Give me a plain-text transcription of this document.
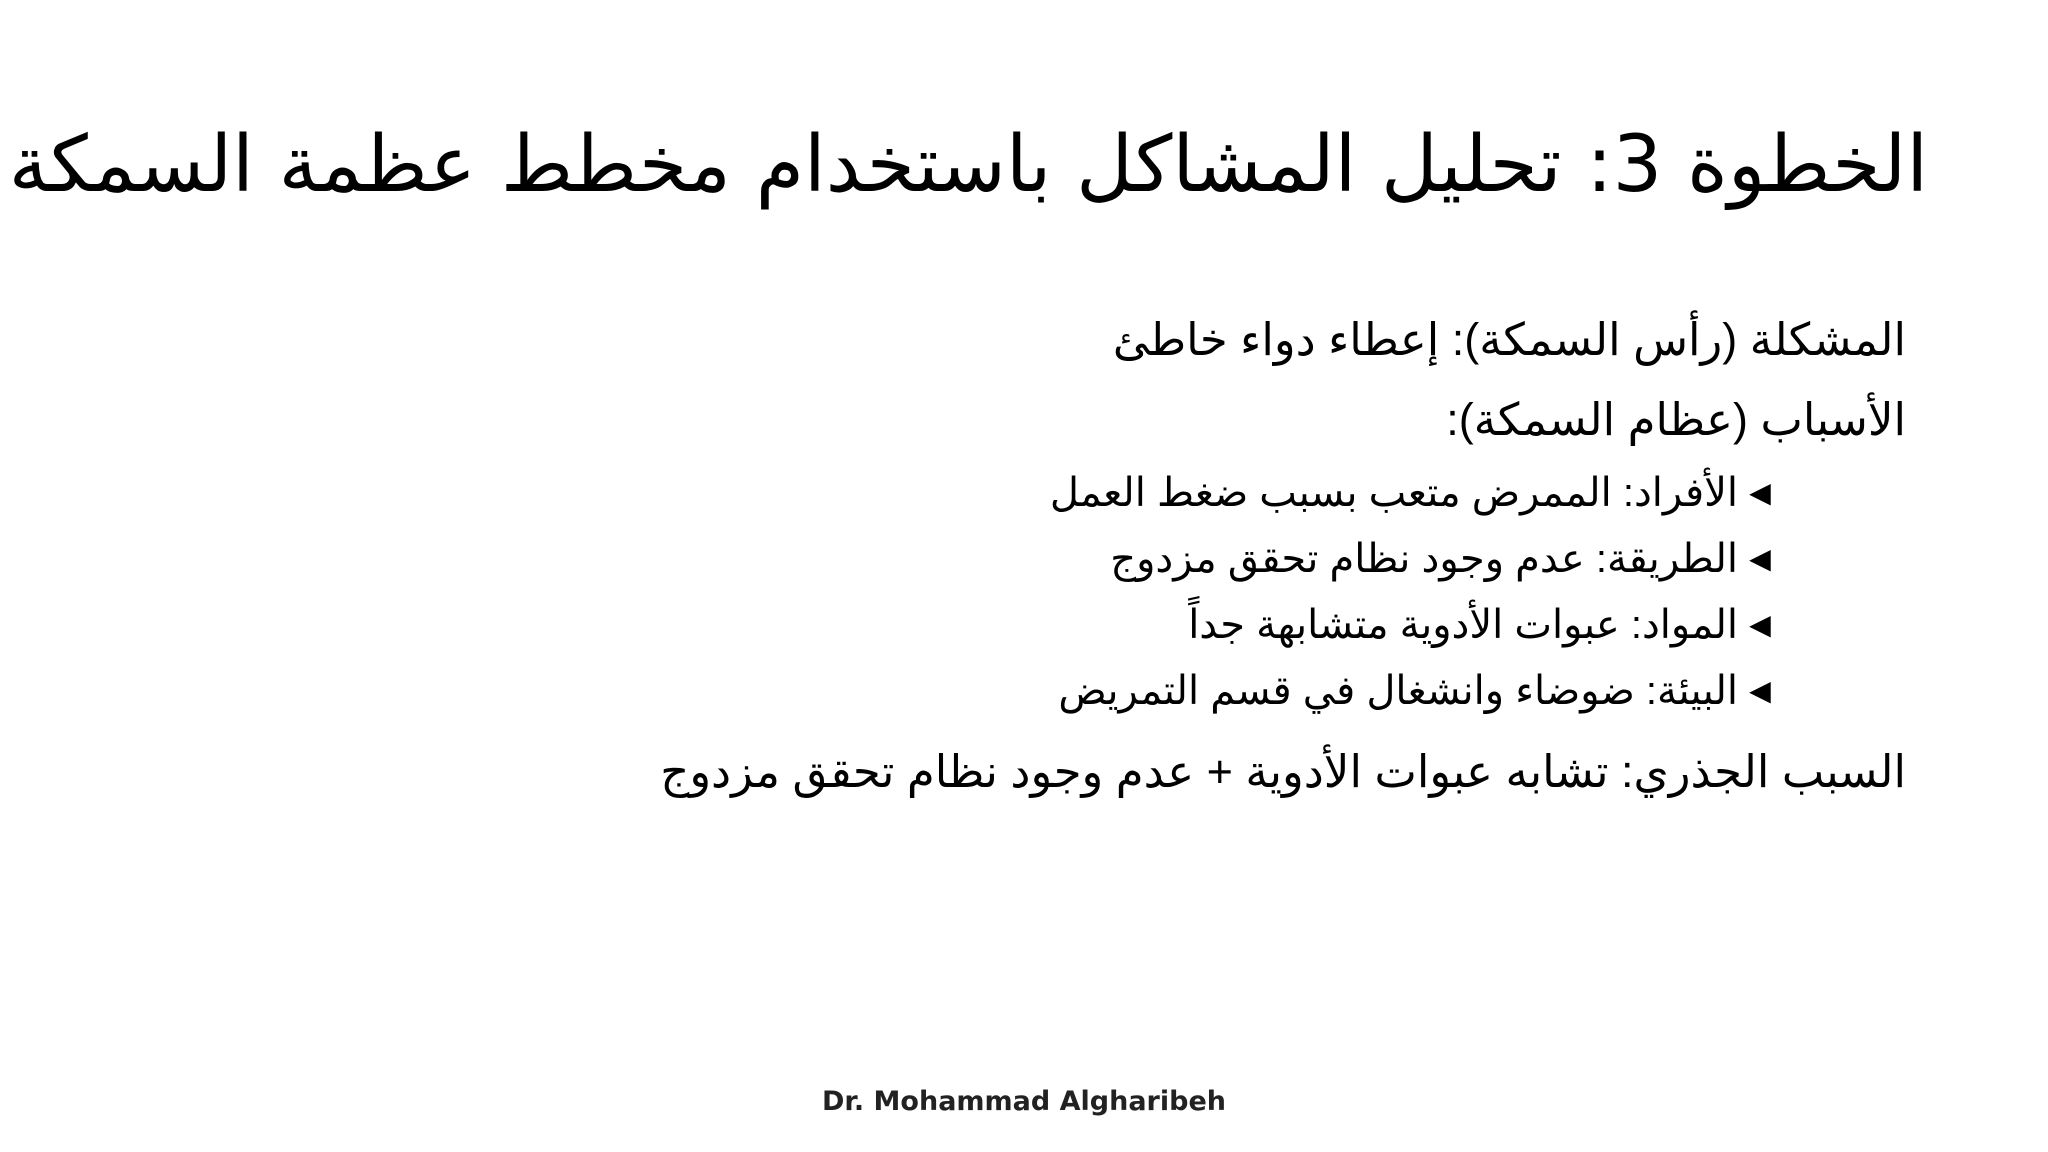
الخطوة 3: تحليل المشاكل باستخدام مخطط عظمة السمكة
المشكلة (رأس السمكة): إعطاء دواء خاطئ
الأسباب (عظام السمكة):
◄
الأفراد: الممرض متعب بسبب ضغط العمل
◄
الطريقة: عدم وجود نظام تحقق مزدوج
◄
المواد: عبوات الأدوية متشابهة جداً
◄
البيئة: ضوضاء وانشغال في قسم التمريض
السبب الجذري: تشابه عبوات الأدوية + عدم وجود نظام تحقق مزدوج
Dr. Mohammad Algharibeh
